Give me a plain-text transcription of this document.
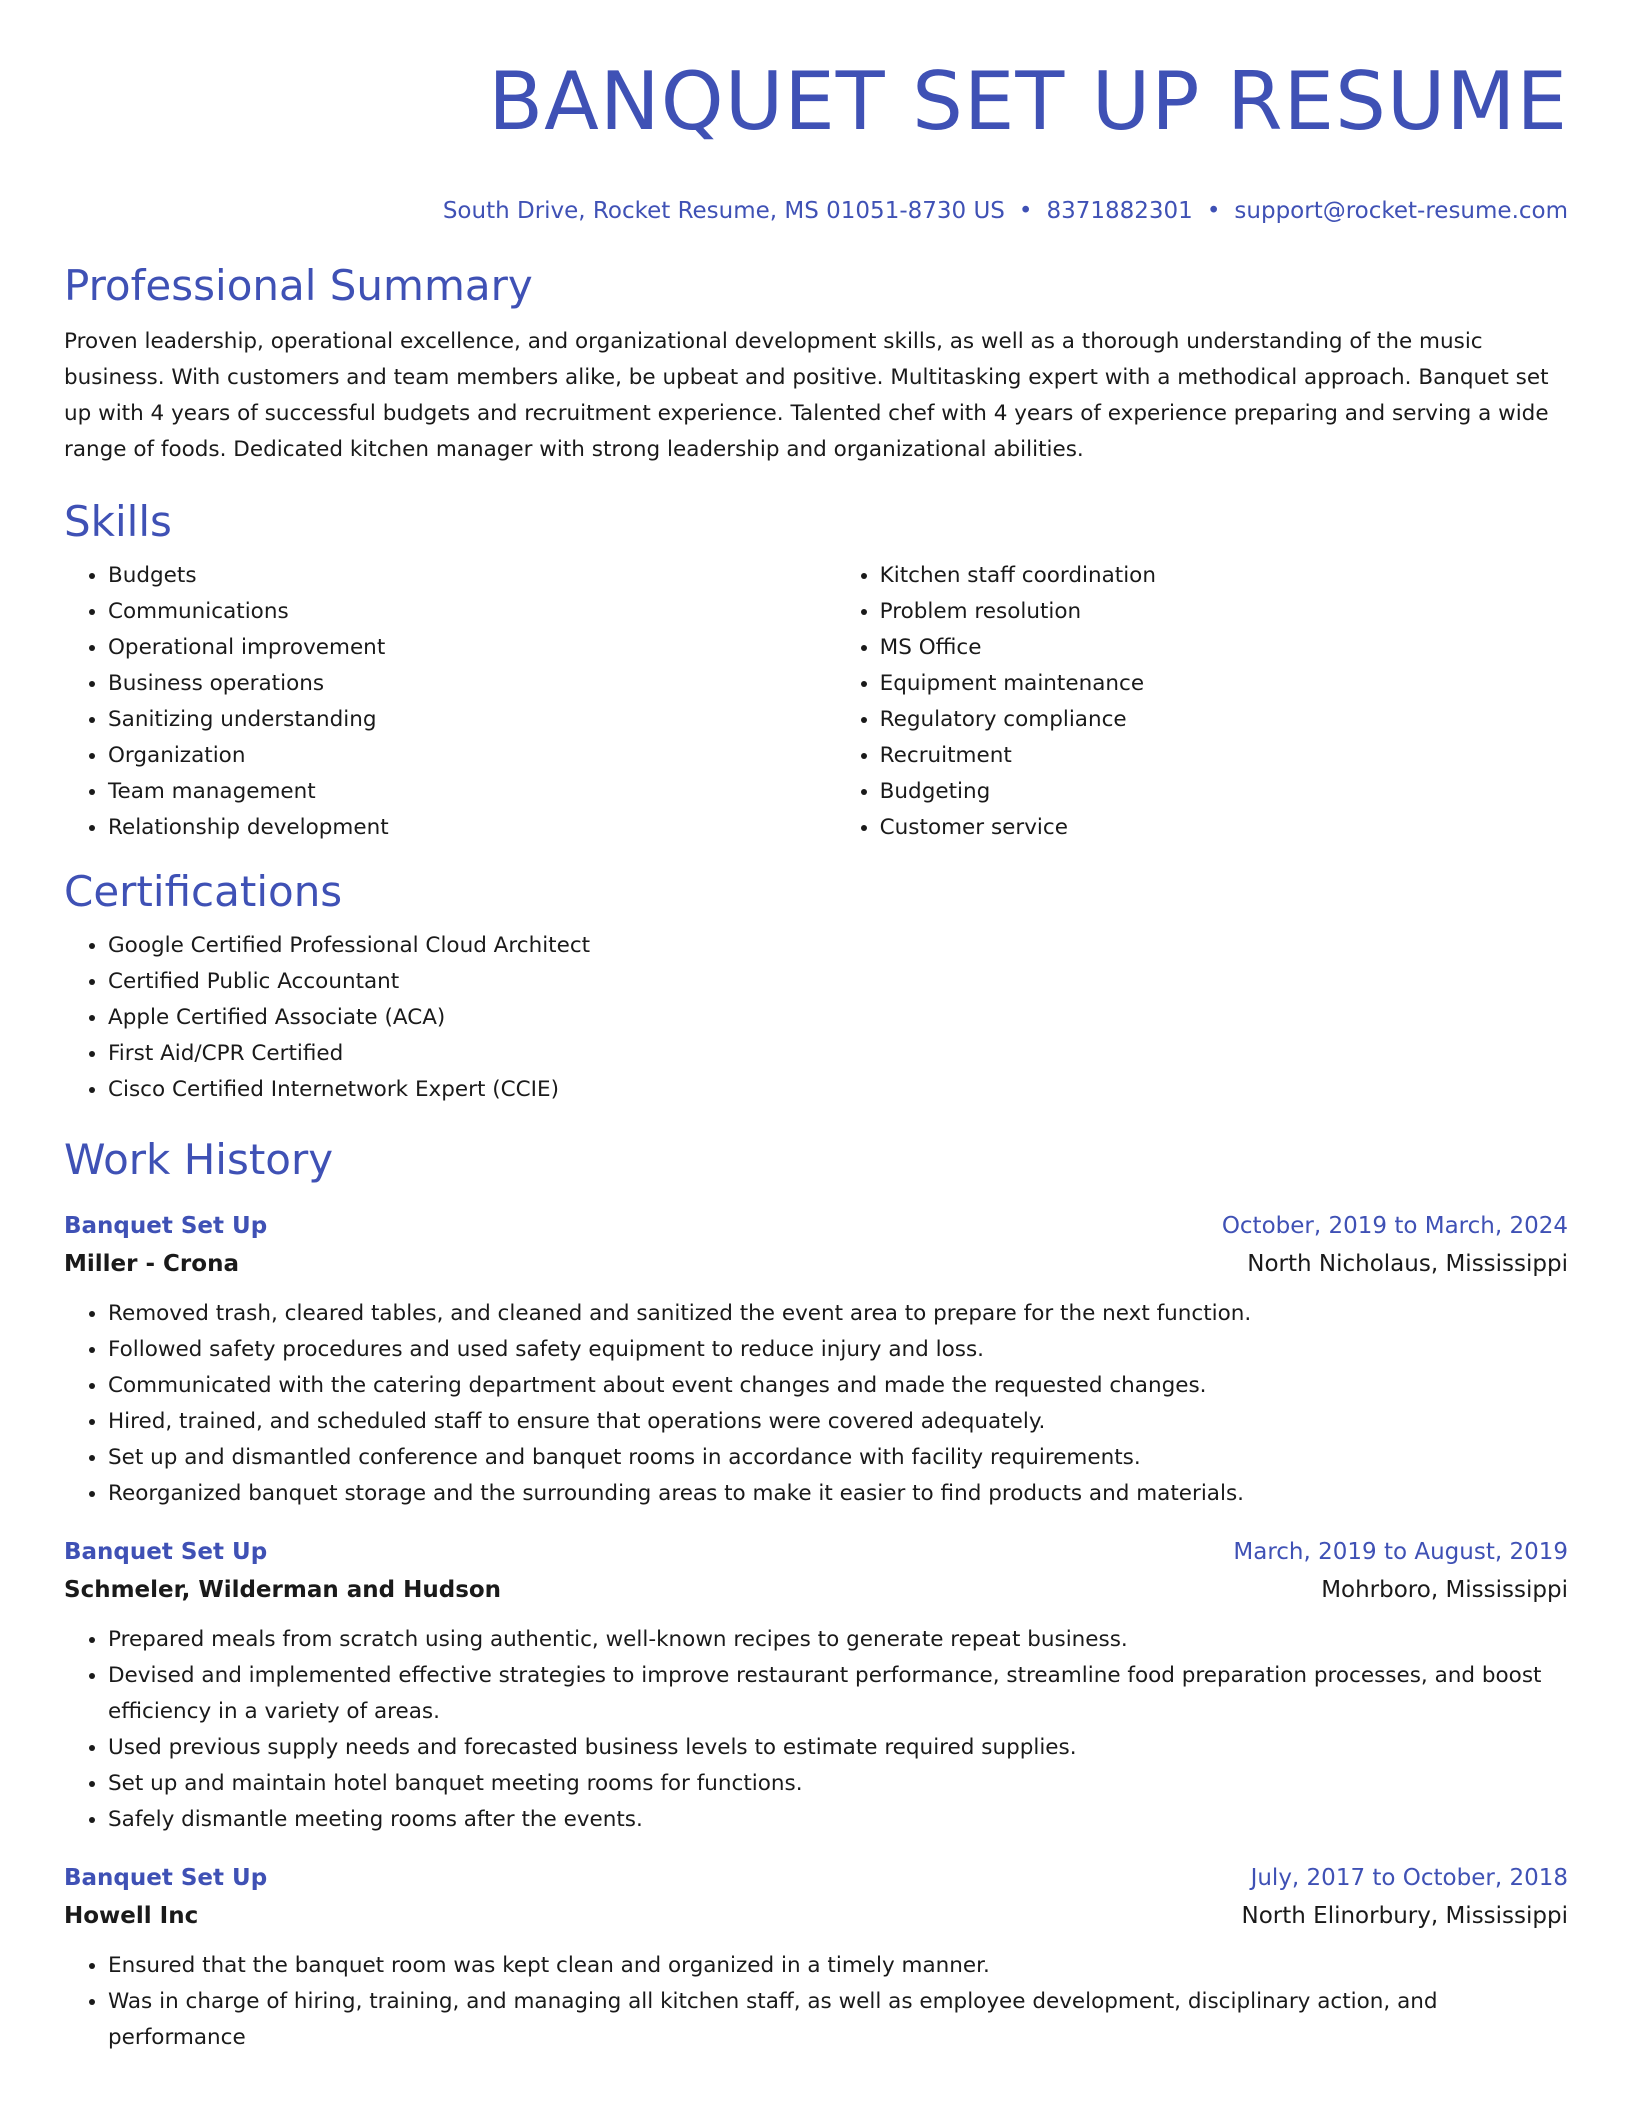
BANQUET SET UP RESUME
South Drive, Rocket Resume, MS 01051-8730 US • 8371882301 • support@rocket-resume.com
Professional Summary

Proven leadership, operational excellence, and organizational development skills, as well as a thorough understanding of the music business. With customers and team members alike, be upbeat and positive. Multitasking expert with a methodical approach. Banquet set up with 4 years of successful budgets and recruitment experience. Talented chef with 4 years of experience preparing and serving a wide range of foods. Dedicated kitchen manager with strong leadership and organizational abilities.

Skills
• Budgets
• Communications
• Operational improvement
• Business operations
• Sanitizing understanding
• Organization
• Team management
• Relationship development
• Kitchen staff coordination
• Problem resolution
• MS Office
• Equipment maintenance
• Regulatory compliance
• Recruitment
• Budgeting
• Customer service
Certifications
• Google Certified Professional Cloud Architect
• Certified Public Accountant
• Apple Certified Associate (ACA)
• First Aid/CPR Certified
• Cisco Certified Internetwork Expert (CCIE)
Work History
Banquet Set Up	October, 2019 to March, 2024
Miller - Crona	North Nicholaus, Mississippi
• Removed trash, cleared tables, and cleaned and sanitized the event area to prepare for the next function.
• Followed safety procedures and used safety equipment to reduce injury and loss.
• Communicated with the catering department about event changes and made the requested changes.
• Hired, trained, and scheduled staff to ensure that operations were covered adequately.
• Set up and dismantled conference and banquet rooms in accordance with facility requirements.
• Reorganized banquet storage and the surrounding areas to make it easier to find products and materials.
Banquet Set Up	March, 2019 to August, 2019
Schmeler, Wilderman and Hudson	Mohrboro, Mississippi
• Prepared meals from scratch using authentic, well-known recipes to generate repeat business.
• Devised and implemented effective strategies to improve restaurant performance, streamline food preparation processes, and boost efficiency in a variety of areas.
• Used previous supply needs and forecasted business levels to estimate required supplies.
• Set up and maintain hotel banquet meeting rooms for functions.
• Safely dismantle meeting rooms after the events.
Banquet Set Up	July, 2017 to October, 2018
Howell Inc	North Elinorbury, Mississippi
• Ensured that the banquet room was kept clean and organized in a timely manner.
• Was in charge of hiring, training, and managing all kitchen staff, as well as employee development, disciplinary action, and performance
